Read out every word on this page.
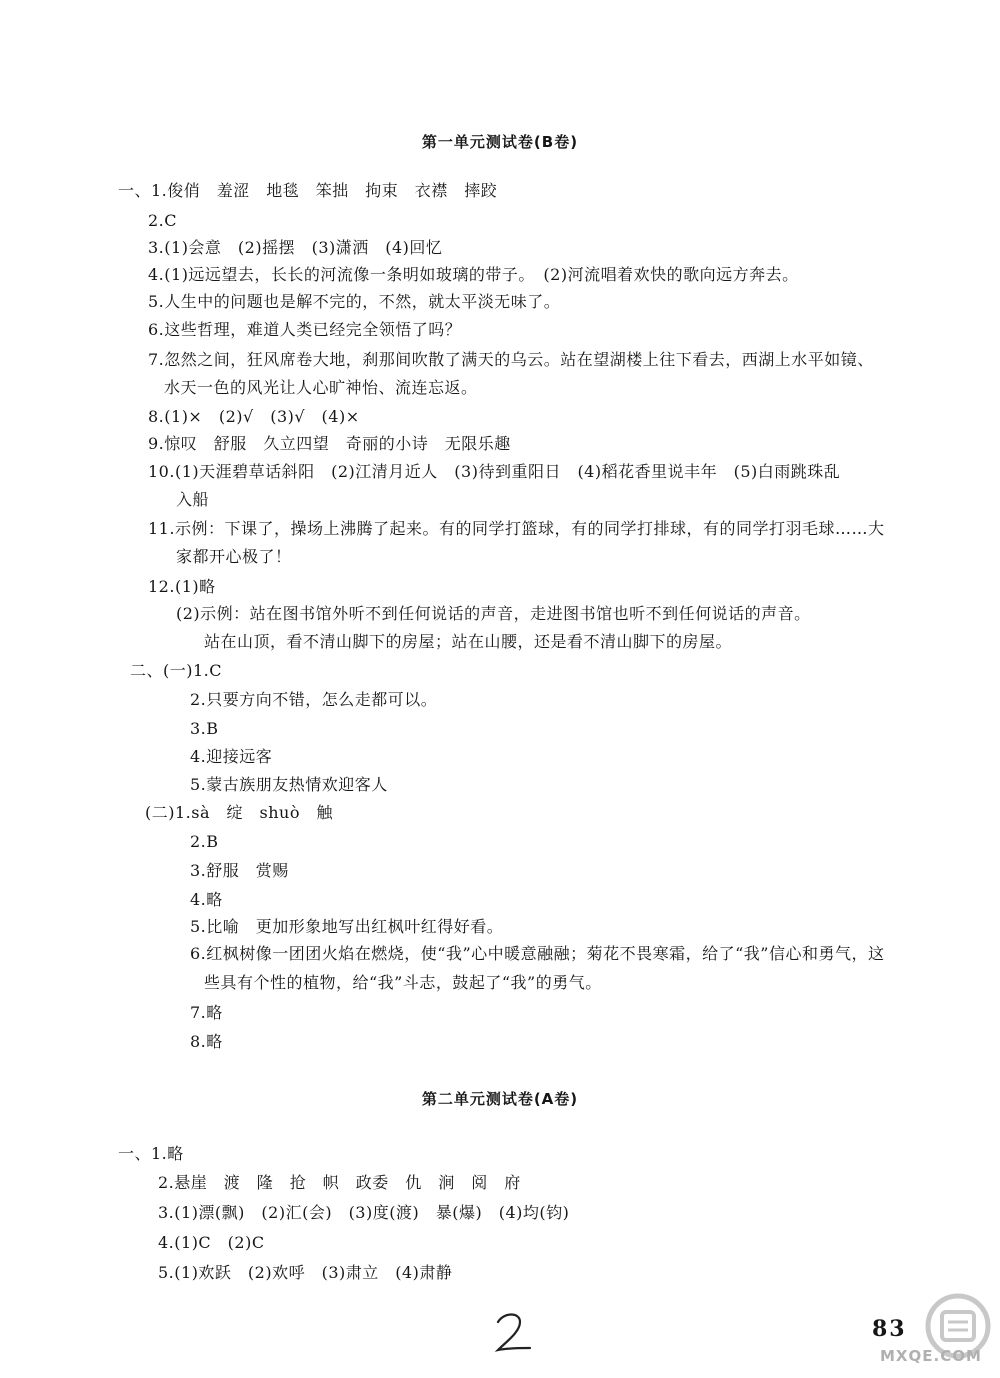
第一单元测试卷(B卷)
一、1.俊俏　羞涩　地毯　笨拙　拘束　衣襟　摔跤
2.C
3.(1)会意　(2)摇摆　(3)潇洒　(4)回忆
4.(1)远远望去，长长的河流像一条明如玻璃的带子。　(2)河流唱着欢快的歌向远方奔去。
5.人生中的问题也是解不完的，不然，就太平淡无味了。
6.这些哲理，难道人类已经完全领悟了吗？
7.忽然之间，狂风席卷大地，刹那间吹散了满天的乌云。站在望湖楼上往下看去，西湖上水平如镜、
水天一色的风光让人心旷神怡、流连忘返。
8.(1)×　(2)√　(3)√　(4)×
9.惊叹　舒服　久立四望　奇丽的小诗　无限乐趣
10.(1)天涯碧草话斜阳　(2)江清月近人　(3)待到重阳日　(4)稻花香里说丰年　(5)白雨跳珠乱
入船
11.示例：下课了，操场上沸腾了起来。有的同学打篮球，有的同学打排球，有的同学打羽毛球……大
家都开心极了！
12.(1)略
(2)示例：站在图书馆外听不到任何说话的声音，走进图书馆也听不到任何说话的声音。
站在山顶，看不清山脚下的房屋；站在山腰，还是看不清山脚下的房屋。
二、(一)1.C
2.只要方向不错，怎么走都可以。
3.B
4.迎接远客
5.蒙古族朋友热情欢迎客人
(二)1.sà　绽　shuò　触
2.B
3.舒服　赏赐
4.略
5.比喻　更加形象地写出红枫叶红得好看。
6.红枫树像一团团火焰在燃烧，使“我”心中暖意融融；菊花不畏寒霜，给了“我”信心和勇气，这
些具有个性的植物，给“我”斗志，鼓起了“我”的勇气。
7.略
8.略
第二单元测试卷(A卷)
一、1.略
2.悬崖　渡　隆　抢　帜　政委　仇　涧　阅　府
3.(1)漂(飘)　(2)汇(会)　(3)度(渡)　暴(爆)　(4)均(钧)
4.(1)C　(2)C
5.(1)欢跃　(2)欢呼　(3)肃立　(4)肃静
83
MXQE.COM
